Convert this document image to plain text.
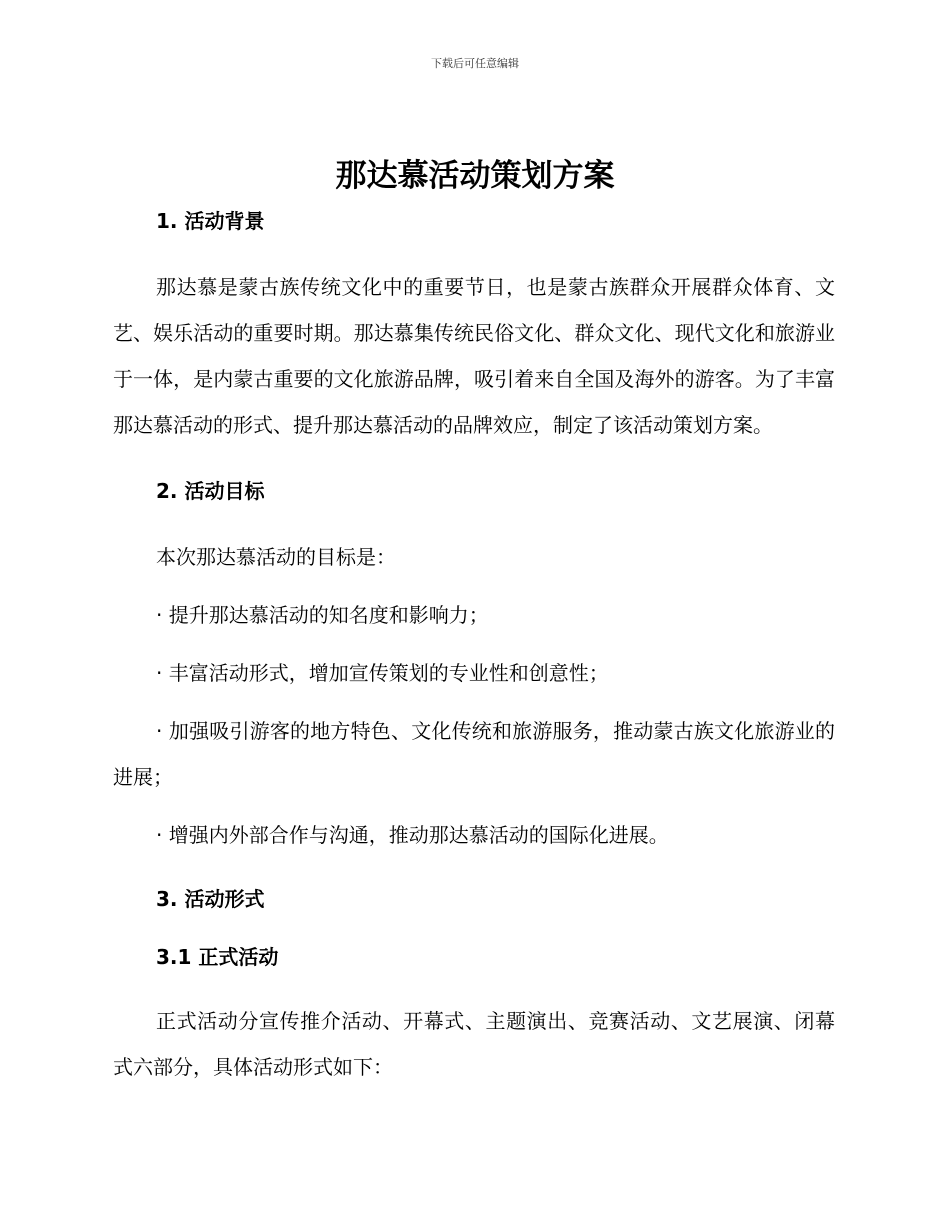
下载后可任意编辑
那达慕活动策划方案

1. 活动背景

那达慕是蒙古族传统文化中的重要节日，也是蒙古族群众开展群众体育、文艺、娱乐活动的重要时期。那达慕集传统民俗文化、群众文化、现代文化和旅游业于一体，是内蒙古重要的文化旅游品牌，吸引着来自全国及海外的游客。为了丰富那达慕活动的形式、提升那达慕活动的品牌效应，制定了该活动策划方案。

2. 活动目标

本次那达慕活动的目标是：

· 提升那达慕活动的知名度和影响力；

· 丰富活动形式，增加宣传策划的专业性和创意性；

· 加强吸引游客的地方特色、文化传统和旅游服务，推动蒙古族文化旅游业的进展；

· 增强内外部合作与沟通，推动那达慕活动的国际化进展。

3. 活动形式

3.1 正式活动

正式活动分宣传推介活动、开幕式、主题演出、竞赛活动、文艺展演、闭幕式六部分，具体活动形式如下：
